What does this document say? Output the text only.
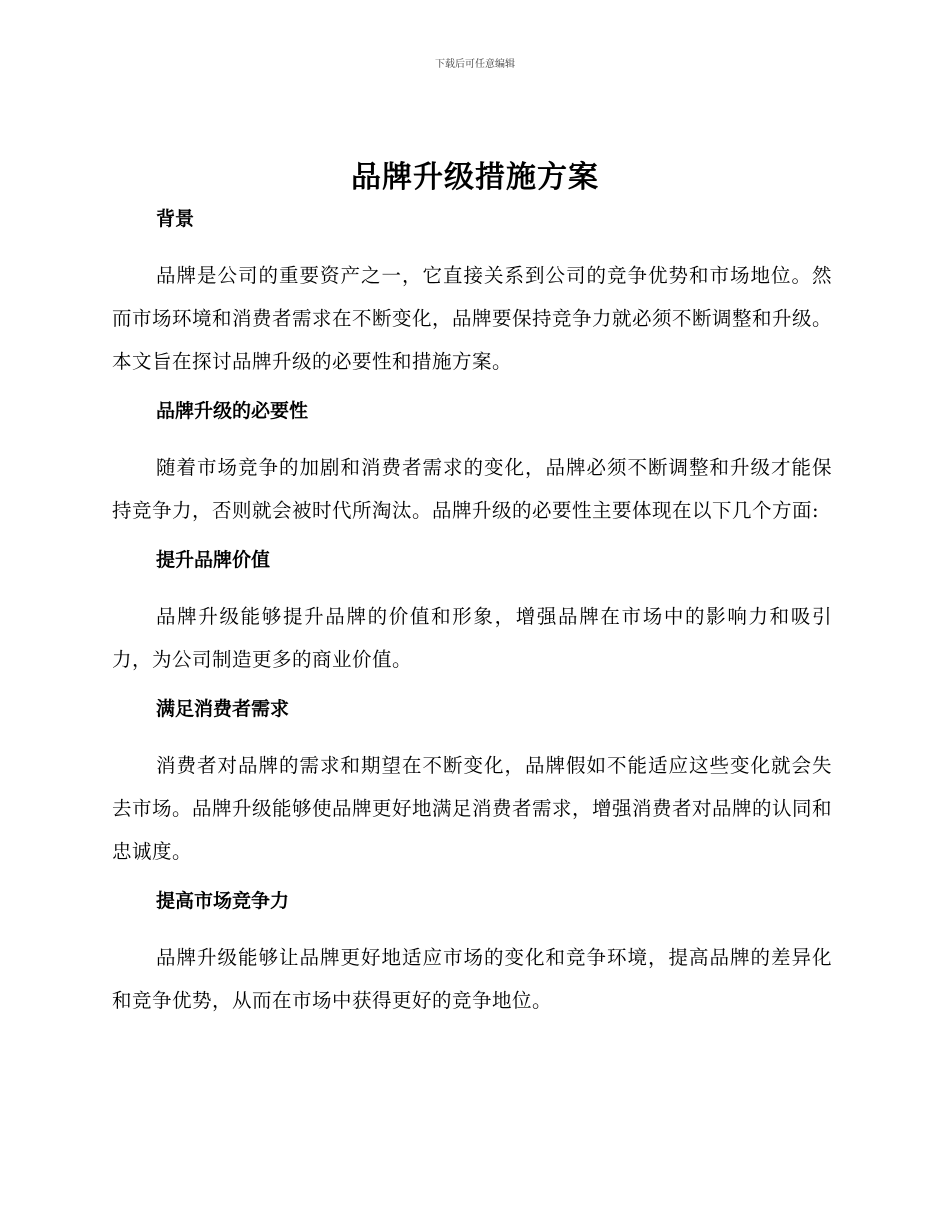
下载后可任意编辑
品牌升级措施方案
背景

品牌是公司的重要资产之一，它直接关系到公司的竞争优势和市场地位。然而市场环境和消费者需求在不断变化，品牌要保持竞争力就必须不断调整和升级。本文旨在探讨品牌升级的必要性和措施方案。

品牌升级的必要性

随着市场竞争的加剧和消费者需求的变化，品牌必须不断调整和升级才能保持竞争力，否则就会被时代所淘汰。品牌升级的必要性主要体现在以下几个方面:

提升品牌价值

品牌升级能够提升品牌的价值和形象，增强品牌在市场中的影响力和吸引力，为公司制造更多的商业价值。

满足消费者需求

消费者对品牌的需求和期望在不断变化，品牌假如不能适应这些变化就会失去市场。品牌升级能够使品牌更好地满足消费者需求，增强消费者对品牌的认同和忠诚度。

提高市场竞争力

品牌升级能够让品牌更好地适应市场的变化和竞争环境，提高品牌的差异化和竞争优势，从而在市场中获得更好的竞争地位。
